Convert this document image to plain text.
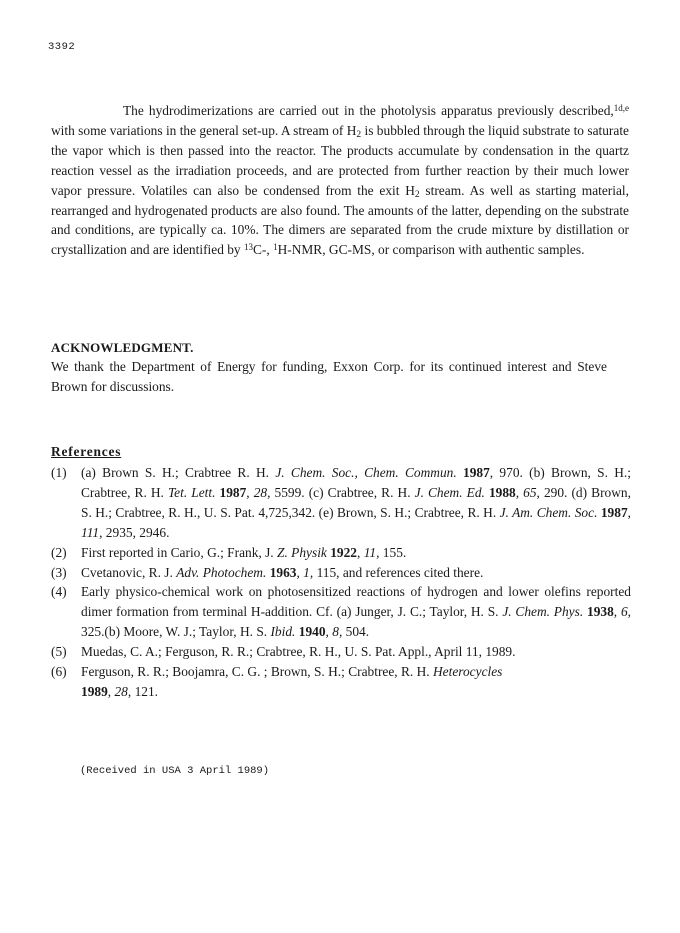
3392

The hydrodimerizations are carried out in the photolysis apparatus previously described,$^{1d,e}$ with some variations in the general set-up. A stream of $H_2$ is bubbled through the liquid substrate to saturate the vapor which is then passed into the reactor. The products accumulate by condensation in the quartz reaction vessel as the irradiation proceeds, and are protected from further reaction by their much lower vapor pressure. Volatiles can also be condensed from the exit $H_2$ stream. As well as starting material, rearranged and hydrogenated products are also found. The amounts of the latter, depending on the substrate and conditions, are typically ca. 10%. The dimers are separated from the crude mixture by distillation or crystallization and are identified by $^{13}$C-, $^1$H-NMR, GC-MS, or comparison with authentic samples.

ACKNOWLEDGMENT.

We thank the Department of Energy for funding, Exxon Corp. for its continued interest and Steve Brown for discussions.

References
(1) (a) Brown S. H.; Crabtree R. H. J. Chem. Soc., Chem. Commun. 1987, 970. (b) Brown, S. H.; Crabtree, R. H. Tet. Lett. 1987, 28, 5599. (c) Crabtree, R. H. J. Chem. Ed. 1988, 65, 290. (d) Brown, S. H.; Crabtree, R. H., U. S. Pat. 4,725,342. (e) Brown, S. H.; Crabtree, R. H. J. Am. Chem. Soc. 1987, 111, 2935, 2946.
(2) First reported in Cario, G.; Frank, J. Z. Physik 1922, 11, 155.
(3) Cvetanovic, R. J. Adv. Photochem. 1963, 1, 115, and references cited there.
(4) Early physico-chemical work on photosensitized reactions of hydrogen and lower olefins reported dimer formation from terminal H-addition. Cf. (a) Junger, J. C.; Taylor, H. S. J. Chem. Phys. 1938, 6, 325.(b) Moore, W. J.; Taylor, H. S. Ibid. 1940, 8, 504.
(5) Muedas, C. A.; Ferguson, R. R.; Crabtree, R. H., U. S. Pat. Appl., April 11, 1989.
(6) Ferguson, R. R.; Boojamra, C. G. ; Brown, S. H.; Crabtree, R. H. Heterocycles
1989, 28, 121.
(Received in USA 3 April 1989)
